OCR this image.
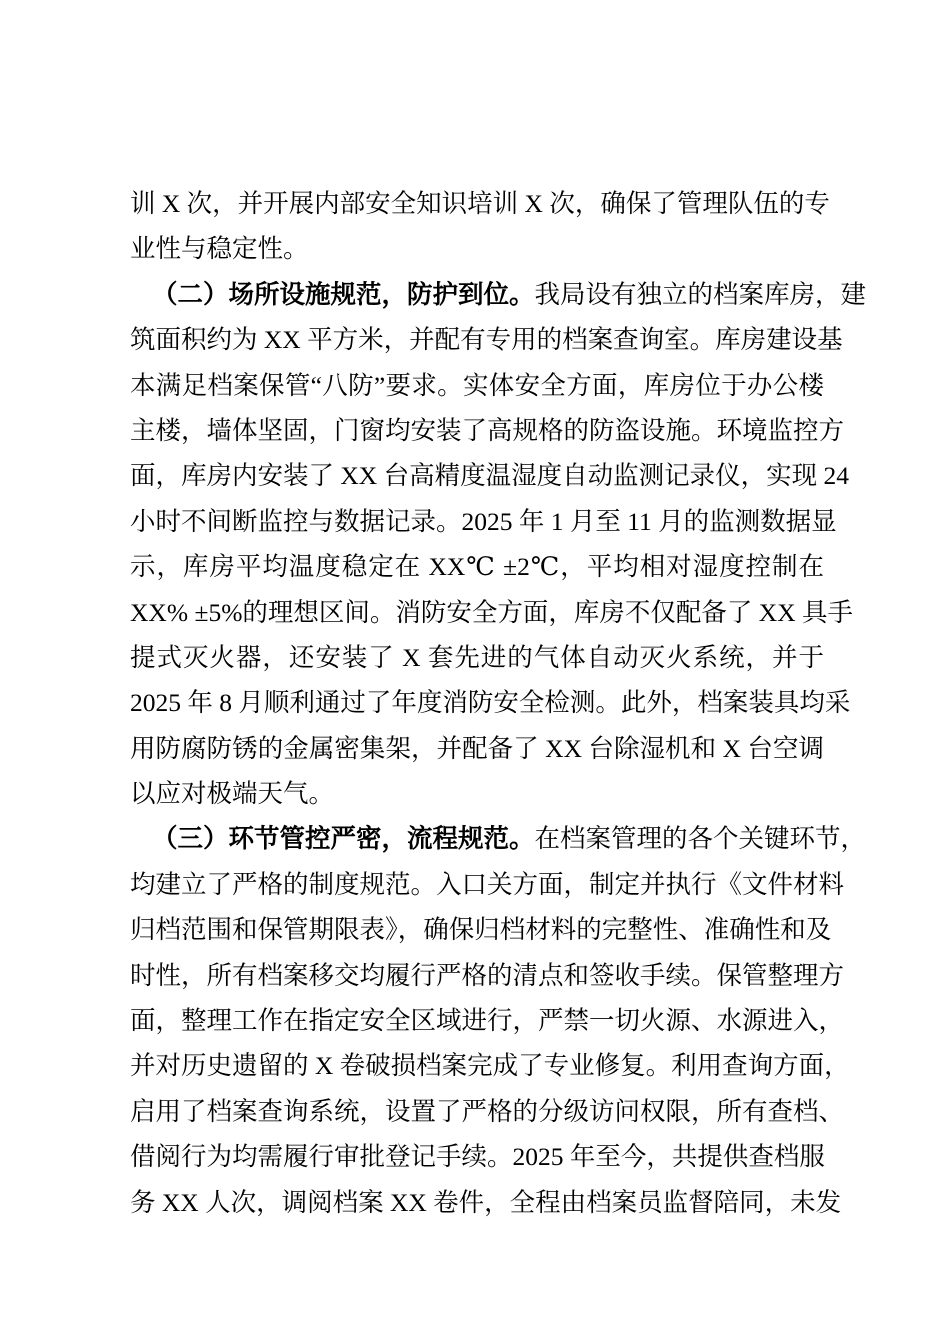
训 X 次，并开展内部安全知识培训 X 次，确保了管理队伍的专
业性与稳定性。
（二）场所设施规范，防护到位。我局设有独立的档案库房，建
筑面积约为 XX 平方米，并配有专用的档案查询室。库房建设基
本满足档案保管“八防”要求。实体安全方面，库房位于办公楼
主楼，墙体坚固，门窗均安装了高规格的防盗设施。环境监控方
面，库房内安装了 XX 台高精度温湿度自动监测记录仪，实现 24
小时不间断监控与数据记录。2025 年 1 月至 11 月的监测数据显
示，库房平均温度稳定在 XX℃ ±2℃，平均相对湿度控制在
XX% ±5%的理想区间。消防安全方面，库房不仅配备了 XX 具手
提式灭火器，还安装了 X 套先进的气体自动灭火系统，并于
2025 年 8 月顺利通过了年度消防安全检测。此外，档案装具均采
用防腐防锈的金属密集架，并配备了 XX 台除湿机和 X 台空调
以应对极端天气。
（三）环节管控严密，流程规范。在档案管理的各个关键环节，
均建立了严格的制度规范。入口关方面，制定并执行《文件材料
归档范围和保管期限表》，确保归档材料的完整性、准确性和及
时性，所有档案移交均履行严格的清点和签收手续。保管整理方
面，整理工作在指定安全区域进行，严禁一切火源、水源进入，
并对历史遗留的 X 卷破损档案完成了专业修复。利用查询方面，
启用了档案查询系统，设置了严格的分级访问权限，所有查档、
借阅行为均需履行审批登记手续。2025 年至今，共提供查档服
务 XX 人次，调阅档案 XX 卷件，全程由档案员监督陪同，未发
